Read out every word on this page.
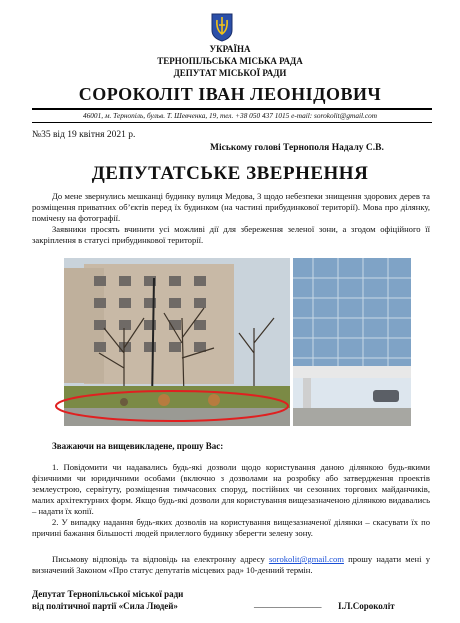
УКРАЇНА
ТЕРНОПІЛЬСЬКА МІСЬКА РАДА
ДЕПУТАТ МІСЬКОЇ РАДИ
СОРОКОЛІТ ІВАН ЛЕОНІДОВИЧ
46001, м. Тернопіль, бульв. Т. Шевченка, 19, тел. +38 050 437 1015 e-mail: sorokolit@gmail.com
№35 від 19 квітня 2021 р.
Міському голові Тернополя Надалу С.В.
ДЕПУТАТСЬКЕ ЗВЕРНЕННЯ
До мене звернулись мешканці будинку вулиця Медова, 3 щодо небезпеки знищення здорових дерев та розміщення приватних об’єктів перед їх будинком (на частині прибудинкової території). Мова про ділянку, помічену на фотографії.
Заявники просять вчинити усі можливі дії для збереження зеленої зони, а згодом офіційного її закріплення в статусі прибудинкової території.
Зважаючи на вищевикладене, прошу Вас:
1. Повідомити чи надавались будь-які дозволи щодо користування даною ділянкою будь-якими фізичними чи юридичними особами (включно з дозволами на розробку або затвердження проектів землеустрою, сервітуту, розміщення тимчасових споруд, постійних чи сезонних торгових майданчиків, малих архітектурних форм. Якщо будь-які дозволи для користування вищезазначеною ділянкою видавались – надати їх копії.
2. У випадку надання будь-яких дозволів на користування вищезазначеної ділянки – скасувати їх по причині бажання більшості людей прилеглого будинку зберегти зелену зону.
Письмову відповідь та відповідь на електронну адресу sorokolit@gmail.com прошу надати мені у визначений Законом «Про статус депутатів місцевих рад» 10-денний термін.
Депутат Тернопільської міської ради
від політичної партії «Сила Людей»	_______________ І.Л.Сороколіт
